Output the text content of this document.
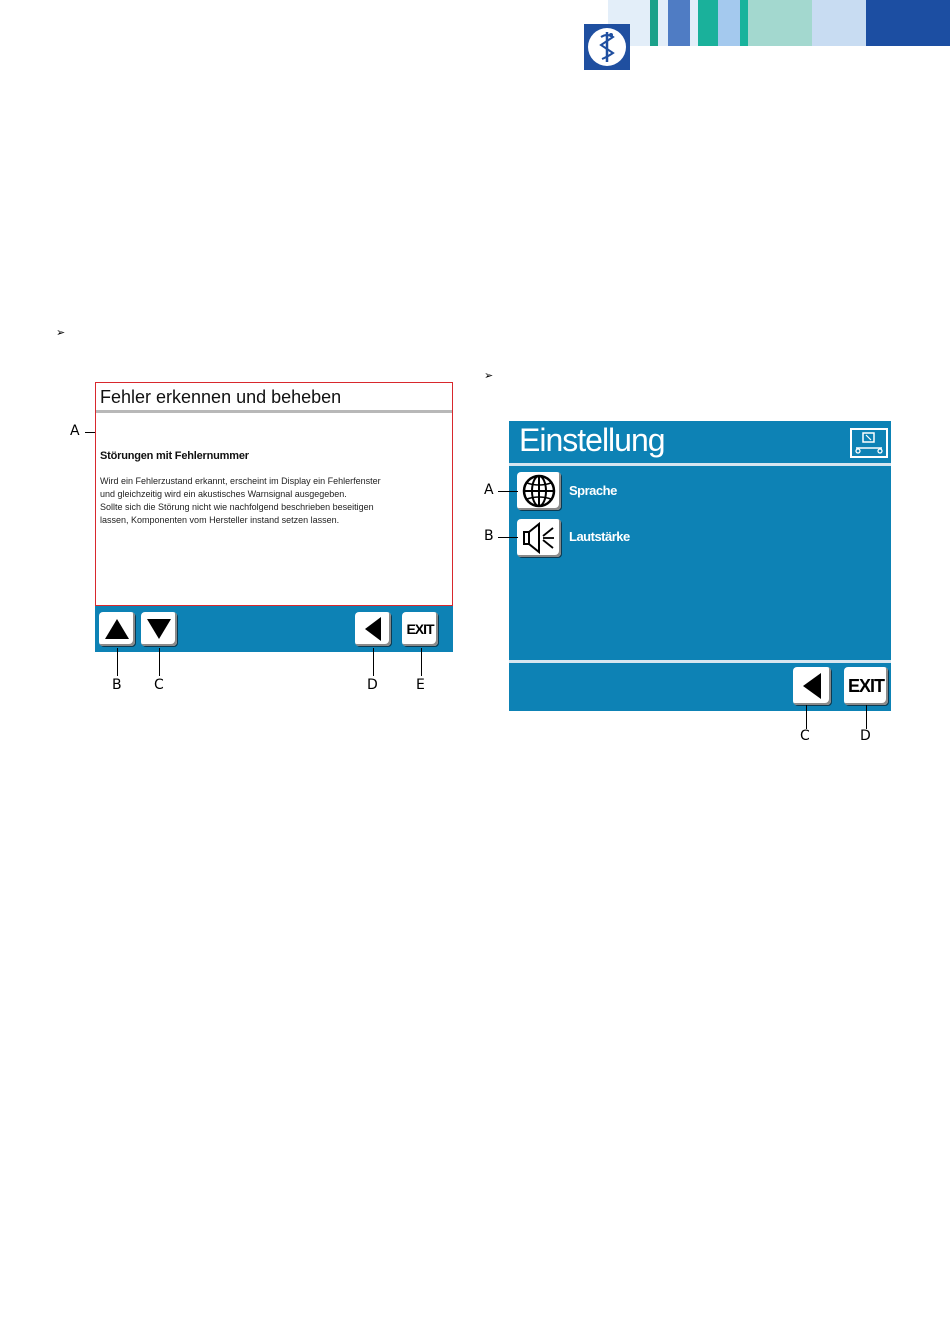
➢
➢
Fehler erkennen und beheben
Störungen mit Fehlernummer
Wird ein Fehlerzustand erkannt, erscheint im Display ein Fehlerfenster
und gleichzeitig wird ein akustisches Warnsignal ausgegeben.
Sollte sich die Störung nicht wie nachfolgend beschrieben beseitigen
lassen, Komponenten vom Hersteller instand setzen lassen.
EXIT
A
B C	D	E
Einstellung
Sprache
Lautstärke
EXIT
A
B
C	D
